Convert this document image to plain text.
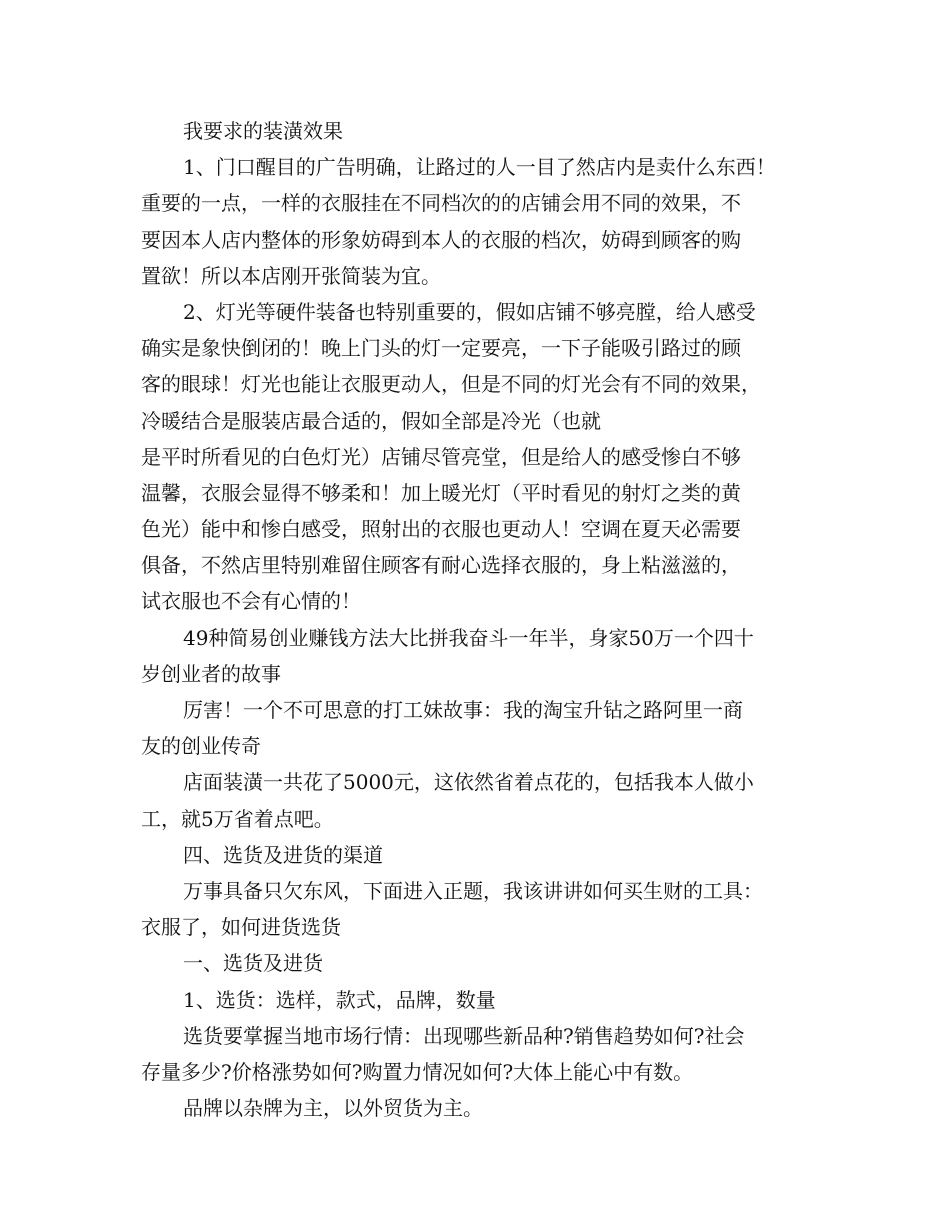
我要求的装潢效果
1、门口醒目的广告明确，让路过的人一目了然店内是卖什么东西！
重要的一点，一样的衣服挂在不同档次的的店铺会用不同的效果，不
要因本人店内整体的形象妨碍到本人的衣服的档次，妨碍到顾客的购
置欲！所以本店刚开张简装为宜。
2、灯光等硬件装备也特别重要的，假如店铺不够亮膛，给人感受
确实是象快倒闭的！晚上门头的灯一定要亮，一下子能吸引路过的顾
客的眼球！灯光也能让衣服更动人，但是不同的灯光会有不同的效果，
冷暖结合是服装店最合适的，假如全部是冷光（也就
是平时所看见的白色灯光）店铺尽管亮堂，但是给人的感受惨白不够
温馨，衣服会显得不够柔和！加上暖光灯（平时看见的射灯之类的黄
色光）能中和惨白感受，照射出的衣服也更动人！空调在夏天必需要
俱备，不然店里特别难留住顾客有耐心选择衣服的，身上粘滋滋的，
试衣服也不会有心情的！
49种简易创业赚钱方法大比拼我奋斗一年半，身家50万一个四十
岁创业者的故事
厉害！一个不可思意的打工妹故事：我的淘宝升钻之路阿里一商
友的创业传奇
店面装潢一共花了5000元，这依然省着点花的，包括我本人做小
工，就5万省着点吧。
四、选货及进货的渠道
万事具备只欠东风，下面进入正题，我该讲讲如何买生财的工具：
衣服了，如何进货选货
一、选货及进货
1、选货：选样，款式，品牌，数量
选货要掌握当地市场行情：出现哪些新品种?销售趋势如何?社会
存量多少?价格涨势如何?购置力情况如何?大体上能心中有数。
品牌以杂牌为主，以外贸货为主。
